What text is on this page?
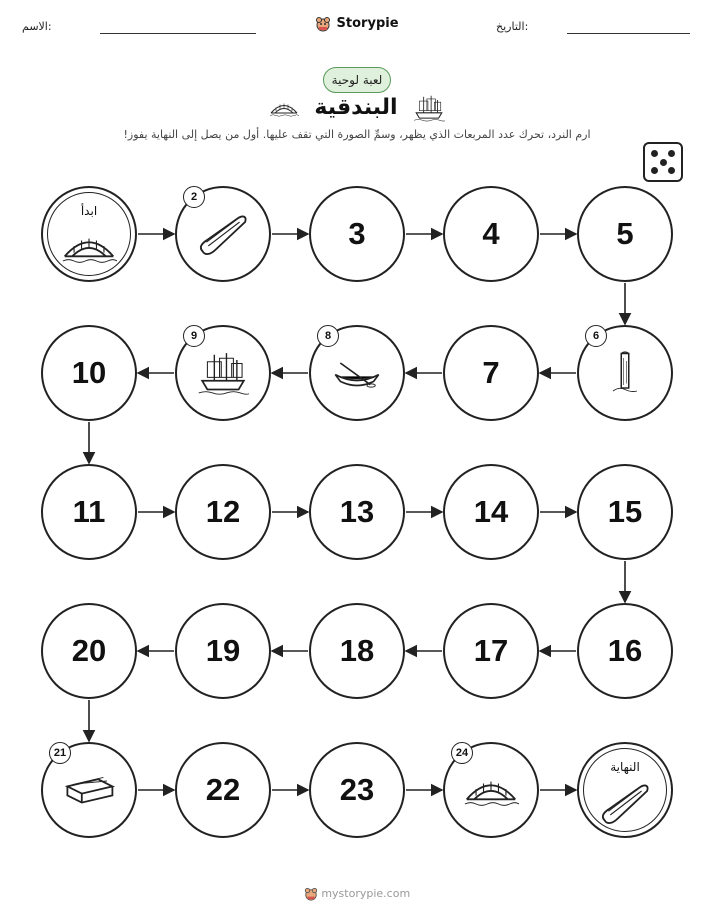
الاسم:	Storypie	التاريخ:
لعبة لوحية
البندقية
ارم النرد، تحرك عدد المربعات الذي يظهر، وسمِّ الصورة التي تقف عليها. أول من يصل إلى النهاية يفوز!
ابدأ
2
3	4	5
6
7
8
9
10
11	12	13	14	15
16
17
18
19
20
21
22	23
24
النهاية
mystorypie.com
